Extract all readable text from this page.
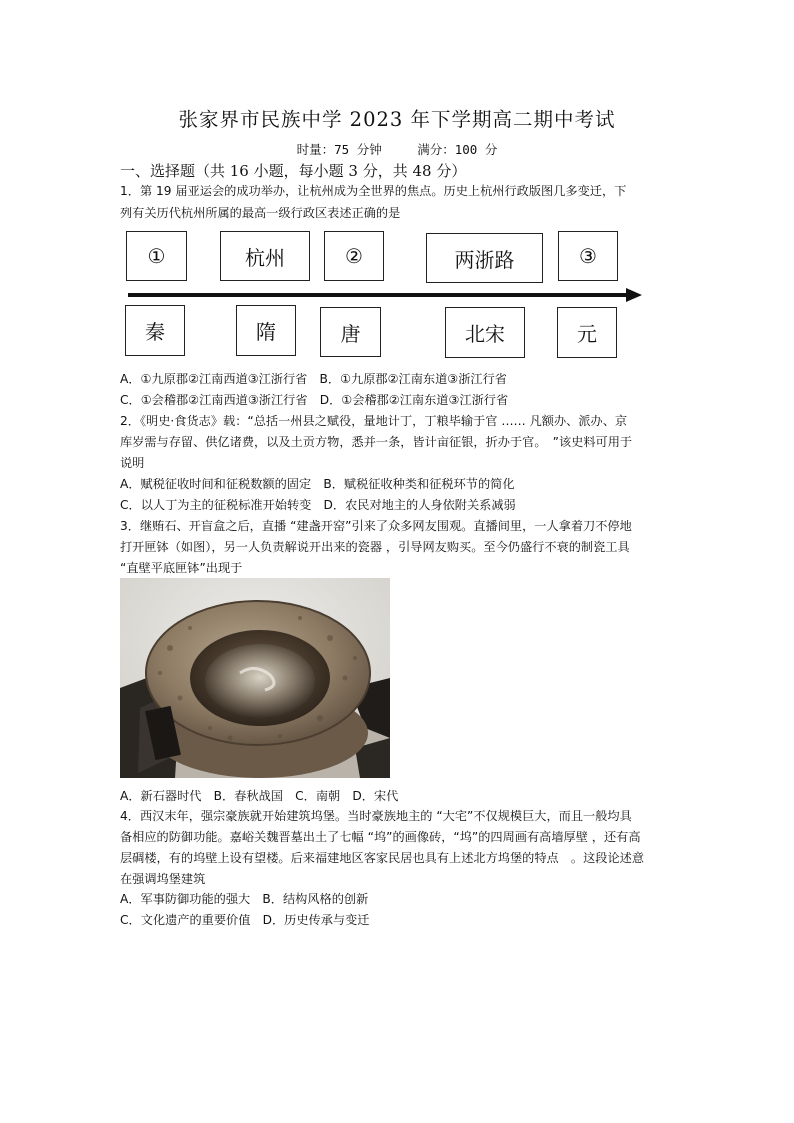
张家界市民族中学 2023 年下学期高二期中考试
时量：75 分钟	满分：100 分
一、选择题（共 16 小题，每小题 3 分，共 48 分）
1．第 19 届亚运会的成功举办，让杭州成为全世界的焦点。历史上杭州行政版图几多变迁，下
列有关历代杭州所属的最高一级行政区表述正确的是
①	杭州	②	两浙路	③
秦	隋	唐	北宋	元
A．①九原郡②江南西道③江浙行省　B．①九原郡②江南东道③浙江行省
C．①会稽郡②江南西道③浙江行省　D．①会稽郡②江南东道③江浙行省
2．《明史·食货志》载：“总括一州县之赋役，量地计丁，丁粮毕输于官 …… 凡额办、派办、京
库岁需与存留、供亿诸费，以及土贡方物，悉并一条，皆计亩征银，折办于官。　”该史料可用于
说明
A．赋税征收时间和征税数额的固定　B．赋税征收种类和征税环节的简化
C．以人丁为主的征税标准开始转变　D．农民对地主的人身依附关系减弱
3．继贿石、开盲盒之后，直播 “建盏开窑”引来了众多网友围观。直播间里，一人拿着刀不停地
打开匣钵（如图），另一人负责解说开出来的瓷器 ，引导网友购买。至今仍盛行不衰的制瓷工具
“直壁平底匣钵”出现于
A．新石器时代　B．春秋战国　C．南朝　D．宋代
4．西汉末年，强宗豪族就开始建筑坞堡。当时豪族地主的 “大宅”不仅规模巨大，而且一般均具
备相应的防御功能。嘉峪关魏晋墓出土了七幅 “坞”的画像砖，“坞”的四周画有高墙厚壁 ，还有高
层碉楼，有的坞壁上设有望楼。后来福建地区客家民居也具有上述北方坞堡的特点　。这段论述意
在强调坞堡建筑
A．军事防御功能的强大　B．结构风格的创新
C．文化遗产的重要价值　D．历史传承与变迁
